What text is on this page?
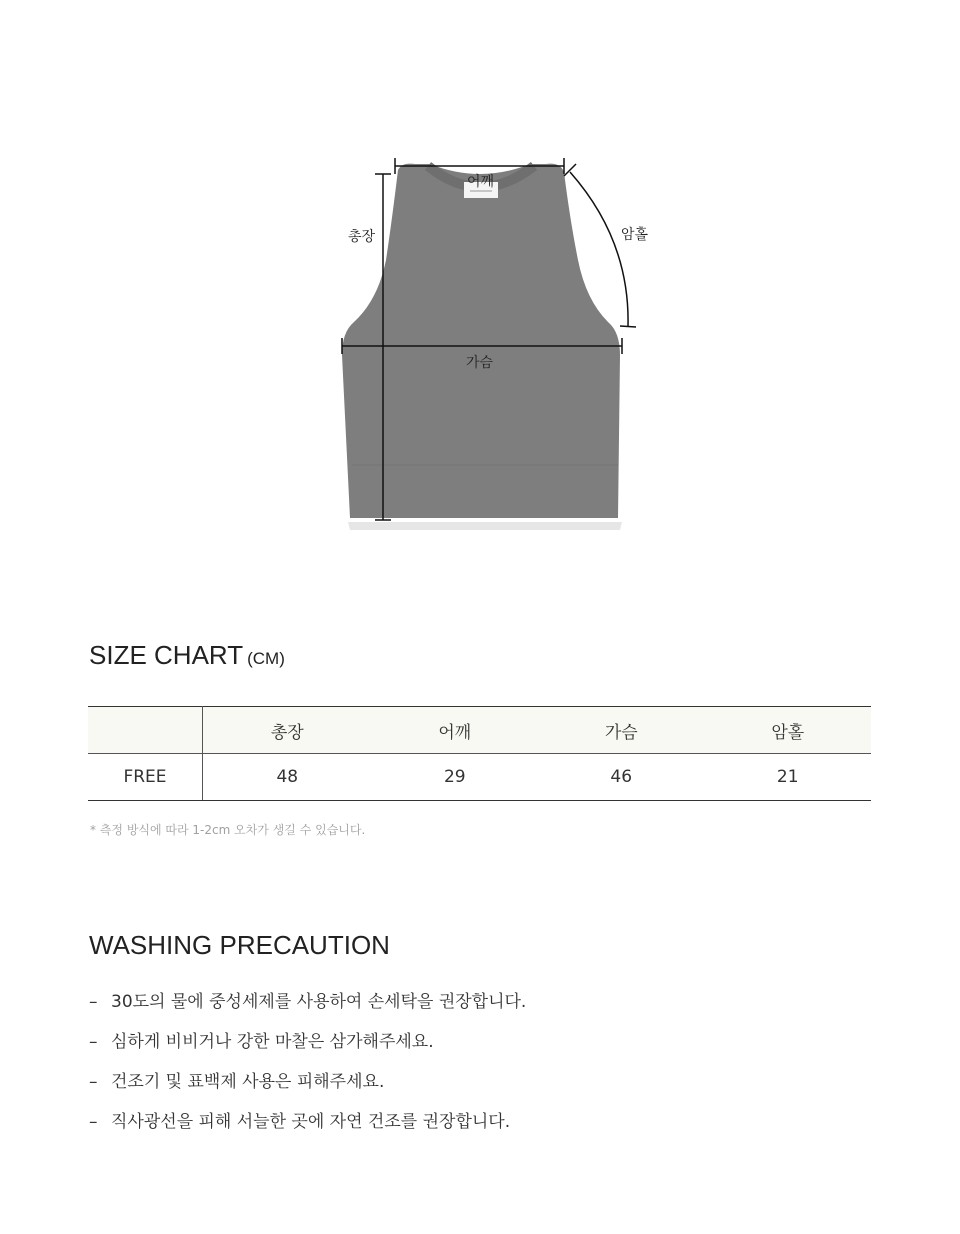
어깨
총장	암홀
가슴
SIZE CHART (CM)
	총장	어깨	가슴	암홀
FREE	48	29	46	21
* 측정 방식에 따라 1-2cm 오차가 생길 수 있습니다.
WASHING PRECAUTION
– 30도의 물에 중성세제를 사용하여 손세탁을 권장합니다.
– 심하게 비비거나 강한 마찰은 삼가해주세요.
– 건조기 및 표백제 사용은 피해주세요.
– 직사광선을 피해 서늘한 곳에 자연 건조를 권장합니다.
